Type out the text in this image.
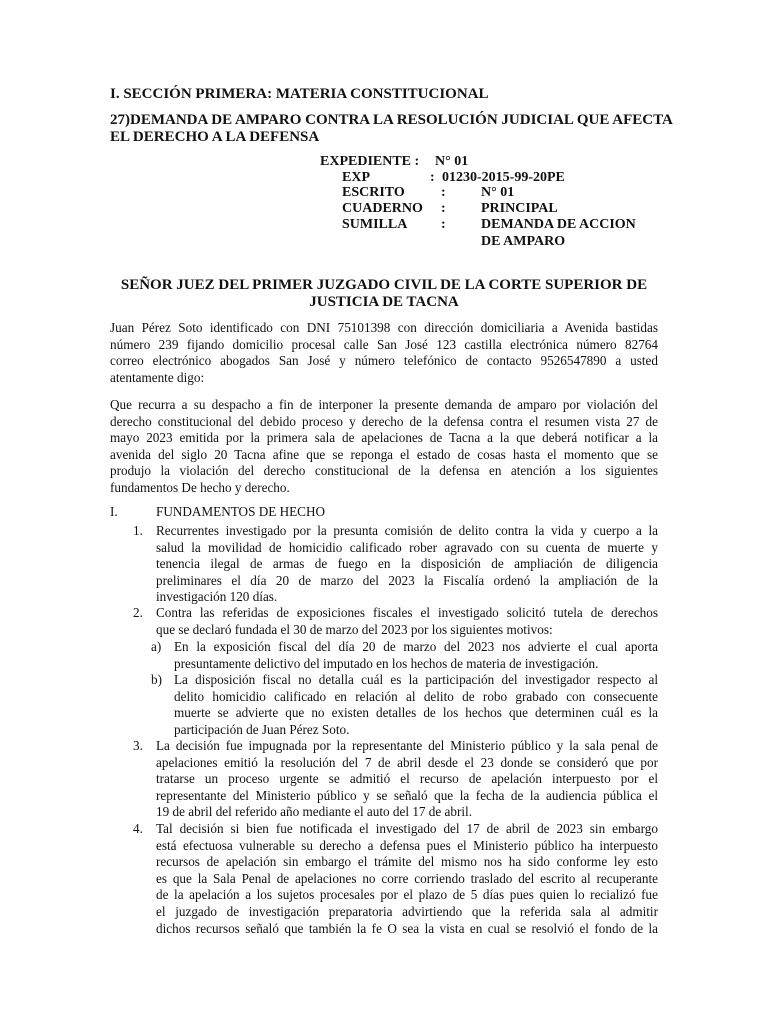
I. SECCIÓN PRIMERA: MATERIA CONSTITUCIONAL
27)DEMANDA DE AMPARO CONTRA LA RESOLUCIÓN JUDICIAL QUE AFECTA
EL DERECHO A LA DEFENSA
EXPEDIENTE : N° 01
EXP	: 01230-2015-99-20PE
ESCRITO	:	N° 01
CUADERNO :	PRINCIPAL
SUMILLA :	DEMANDA DE ACCION
DE AMPARO
SEÑOR JUEZ DEL PRIMER JUZGADO CIVIL DE LA CORTE SUPERIOR DE
JUSTICIA DE TACNA
Juan Pérez Soto identificado con DNI 75101398 con dirección domiciliaria a Avenida bastidas
número 239 fijando domicilio procesal calle San José 123 castilla electrónica número 82764
correo electrónico abogados San José y número telefónico de contacto 9526547890 a usted
atentamente digo:
Que recurra a su despacho a fin de interponer la presente demanda de amparo por violación del
derecho constitucional del debido proceso y derecho de la defensa contra el resumen vista 27 de
mayo 2023 emitida por la primera sala de apelaciones de Tacna a la que deberá notificar a la
avenida del siglo 20 Tacna afine que se reponga el estado de cosas hasta el momento que se
produjo la violación del derecho constitucional de la defensa en atención a los siguientes
fundamentos De hecho y derecho.
I.	FUNDAMENTOS DE HECHO
1. Recurrentes investigado por la presunta comisión de delito contra la vida y cuerpo a la
salud la movilidad de homicidio calificado rober agravado con su cuenta de muerte y
tenencia ilegal de armas de fuego en la disposición de ampliación de diligencia
preliminares el día 20 de marzo del 2023 la Fiscalía ordenó la ampliación de la
investigación 120 días.
2. Contra las referidas de exposiciones fiscales el investigado solicitó tutela de derechos
que se declaró fundada el 30 de marzo del 2023 por los siguientes motivos:
a) En la exposición fiscal del día 20 de marzo del 2023 nos advierte el cual aporta
presuntamente delictivo del imputado en los hechos de materia de investigación.
b) La disposición fiscal no detalla cuál es la participación del investigador respecto al
delito homicidio calificado en relación al delito de robo grabado con consecuente
muerte se advierte que no existen detalles de los hechos que determinen cuál es la
participación de Juan Pérez Soto.
3. La decisión fue impugnada por la representante del Ministerio público y la sala penal de
apelaciones emitió la resolución del 7 de abril desde el 23 donde se consideró que por
tratarse un proceso urgente se admitió el recurso de apelación interpuesto por el
representante del Ministerio público y se señaló que la fecha de la audiencia pública el
19 de abril del referido año mediante el auto del 17 de abril.
4. Tal decisión si bien fue notificada el investigado del 17 de abril de 2023 sin embargo
está efectuosa vulnerable su derecho a defensa pues el Ministerio público ha interpuesto
recursos de apelación sin embargo el trámite del mismo nos ha sido conforme ley esto
es que la Sala Penal de apelaciones no corre corriendo traslado del escrito al recuperante
de la apelación a los sujetos procesales por el plazo de 5 días pues quien lo recializó fue
el juzgado de investigación preparatoria advirtiendo que la referida sala al admitir
dichos recursos señaló que también la fe O sea la vista en cual se resolvió el fondo de la
